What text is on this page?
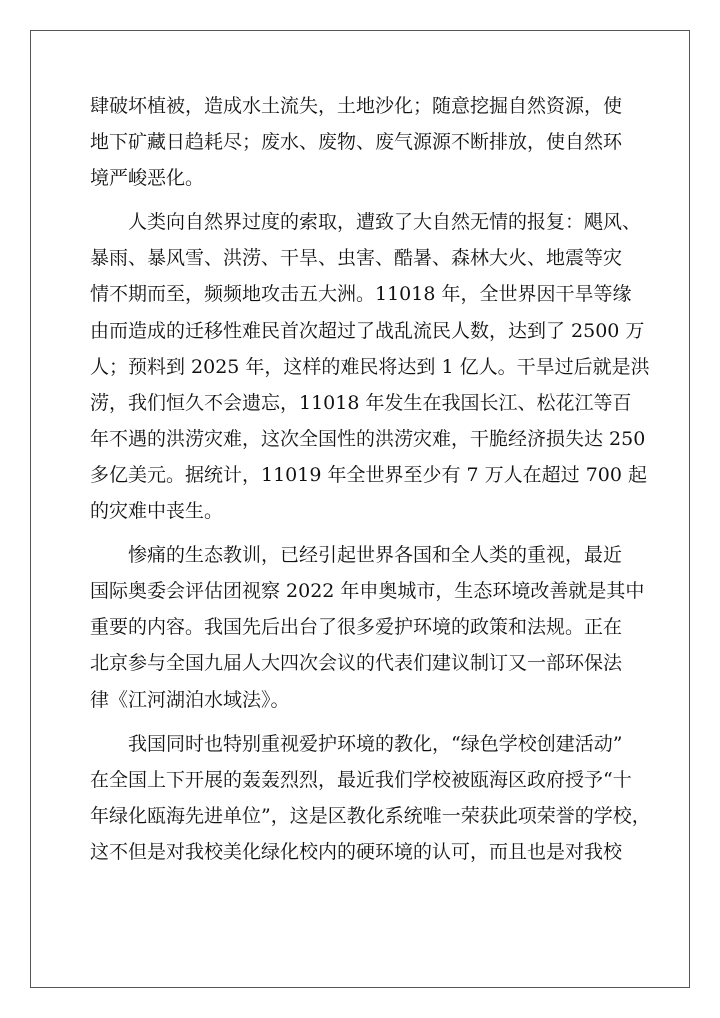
肆破坏植被，造成水土流失，土地沙化；随意挖掘自然资源，使
地下矿藏日趋耗尽；废水、废物、废气源源不断排放，使自然环
境严峻恶化。
人类向自然界过度的索取，遭致了大自然无情的报复：飓风、
暴雨、暴风雪、洪涝、干旱、虫害、酷暑、森林大火、地震等灾
情不期而至，频频地攻击五大洲。11018 年，全世界因干旱等缘
由而造成的迁移性难民首次超过了战乱流民人数，达到了 2500 万
人；预料到 2025 年，这样的难民将达到 1 亿人。干旱过后就是洪
涝，我们恒久不会遗忘，11018 年发生在我国长江、松花江等百
年不遇的洪涝灾难，这次全国性的洪涝灾难，干脆经济损失达 250
多亿美元。据统计，11019 年全世界至少有 7 万人在超过 700 起
的灾难中丧生。
惨痛的生态教训，已经引起世界各国和全人类的重视，最近
国际奥委会评估团视察 2022 年申奥城市，生态环境改善就是其中
重要的内容。我国先后出台了很多爱护环境的政策和法规。正在
北京参与全国九届人大四次会议的代表们建议制订又一部环保法
律《江河湖泊水域法》。
我国同时也特别重视爱护环境的教化，“绿色学校创建活动”
在全国上下开展的轰轰烈烈，最近我们学校被瓯海区政府授予“十
年绿化瓯海先进单位”，这是区教化系统唯一荣获此项荣誉的学校，
这不但是对我校美化绿化校内的硬环境的认可，而且也是对我校
